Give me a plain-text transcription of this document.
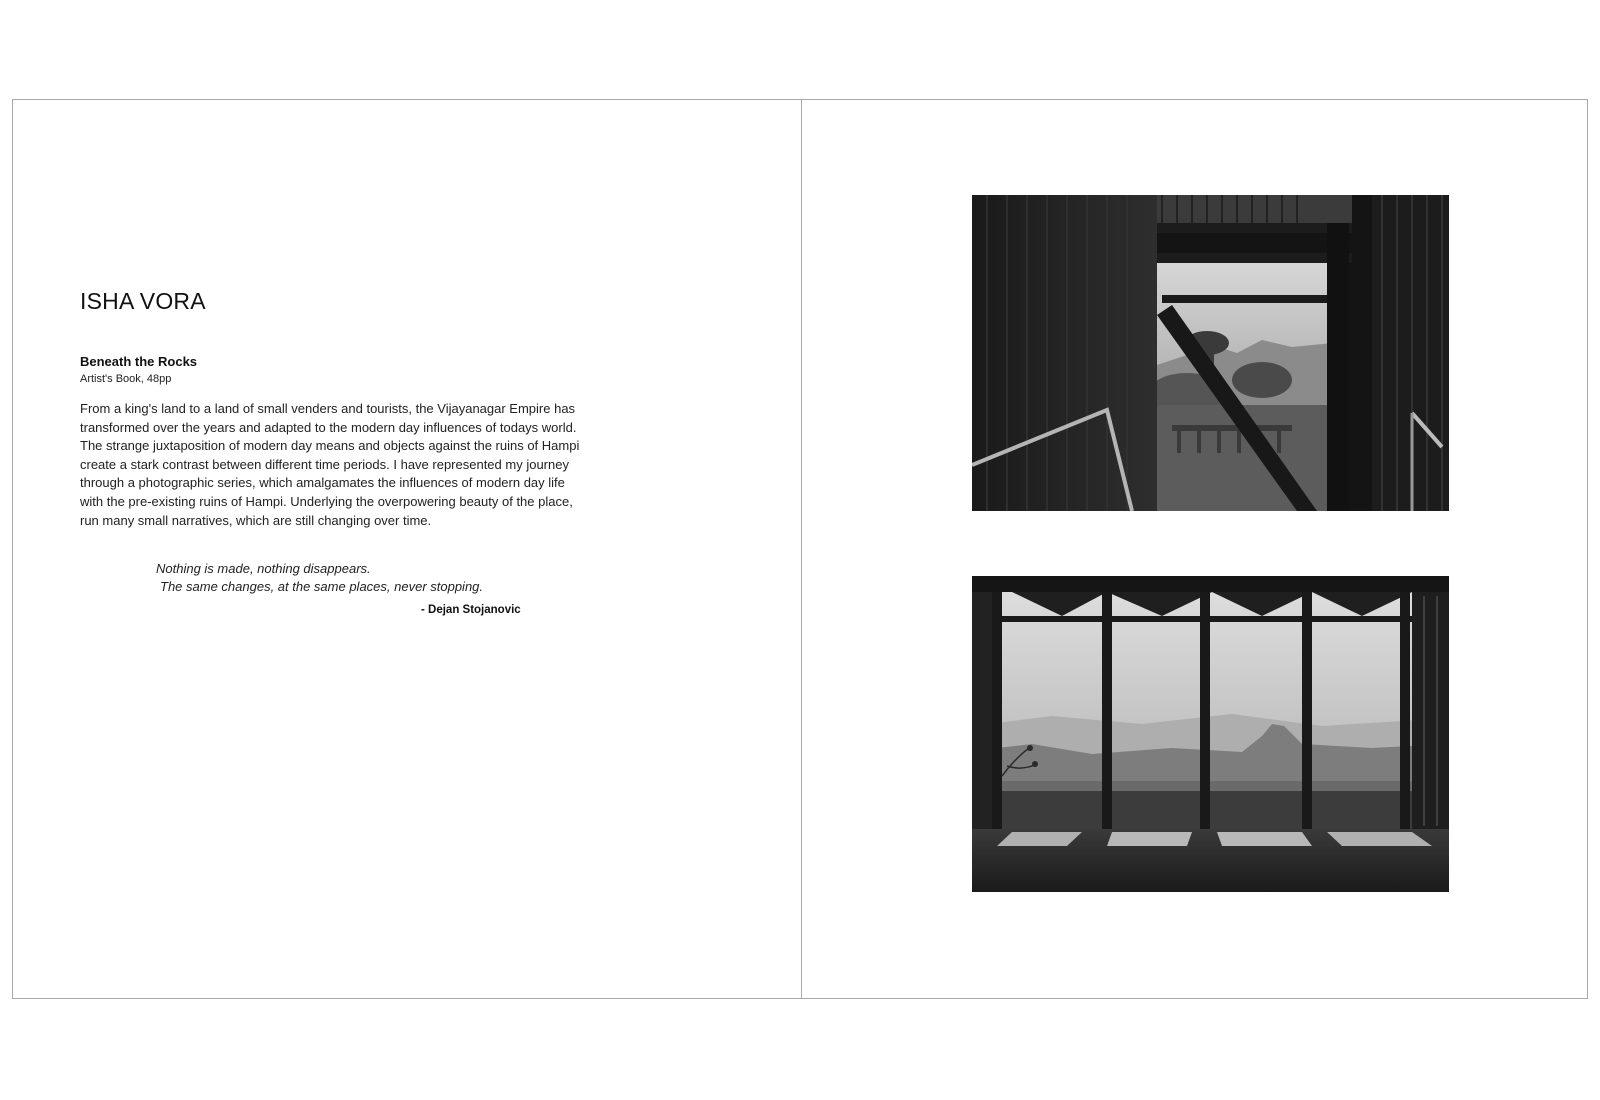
ISHA VORA

Beneath the Rocks

Artist's Book, 48pp

From a king's land to a land of small venders and tourists, the Vijayanagar Empire has transformed over the years and adapted to the modern day influences of todays world. The strange juxtaposition of modern day means and objects against the ruins of Hampi create a stark contrast between different time periods. I have represented my journey through a photographic series, which amalgamates the influences of modern day life with the pre-existing ruins of Hampi. Underlying the overpowering beauty of the place, run many small narratives, which are still changing over time.

Nothing is made, nothing disappears.

The same changes, at the same places, never stopping.

- Dejan Stojanovic
